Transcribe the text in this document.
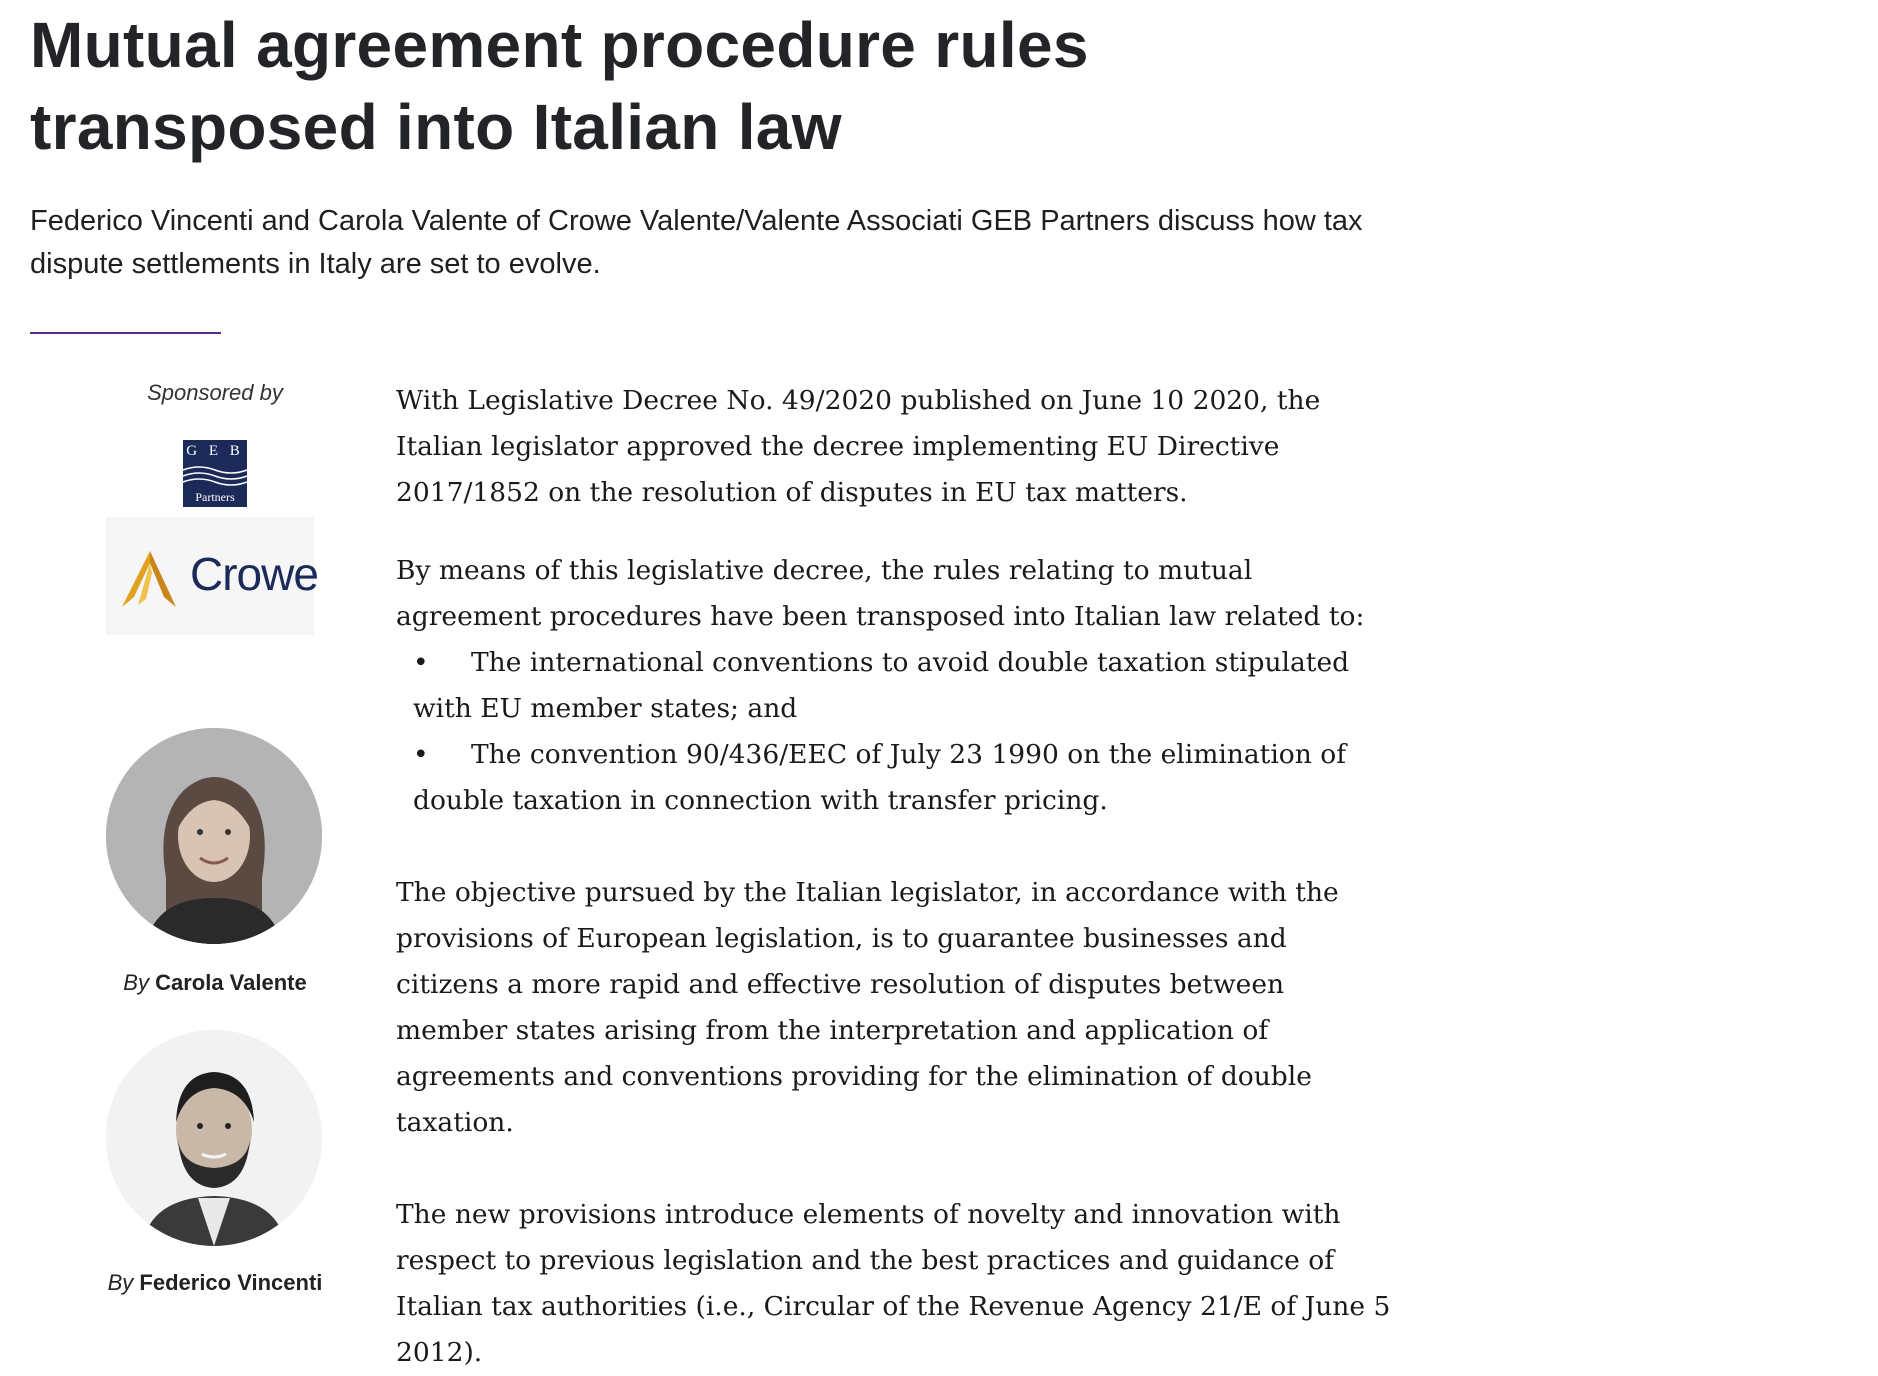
Mutual agreement procedure rules transposed into Italian law

Federico Vincenti and Carola Valente of Crowe Valente/Valente Associati GEB Partners discuss how tax dispute settlements in Italy are set to evolve.

Sponsored by
G E B
Partners
Crowe
By Carola Valente
By Federico Vincenti

With Legislative Decree No. 49/2020 published on June 10 2020, the Italian legislator approved the decree implementing EU Directive 2017/1852 on the resolution of disputes in EU tax matters.

By means of this legislative decree, the rules relating to mutual agreement procedures have been transposed into Italian law related to:

• The international conventions to avoid double taxation stipulated with EU member states; and
• The convention 90/436/EEC of July 23 1990 on the elimination of double taxation in connection with transfer pricing.

The objective pursued by the Italian legislator, in accordance with the provisions of European legislation, is to guarantee businesses and citizens a more rapid and effective resolution of disputes between member states arising from the interpretation and application of agreements and conventions providing for the elimination of double taxation.

The new provisions introduce elements of novelty and innovation with respect to previous legislation and the best practices and guidance of Italian tax authorities (i.e., Circular of the Revenue Agency 21/E of June 5 2012).
